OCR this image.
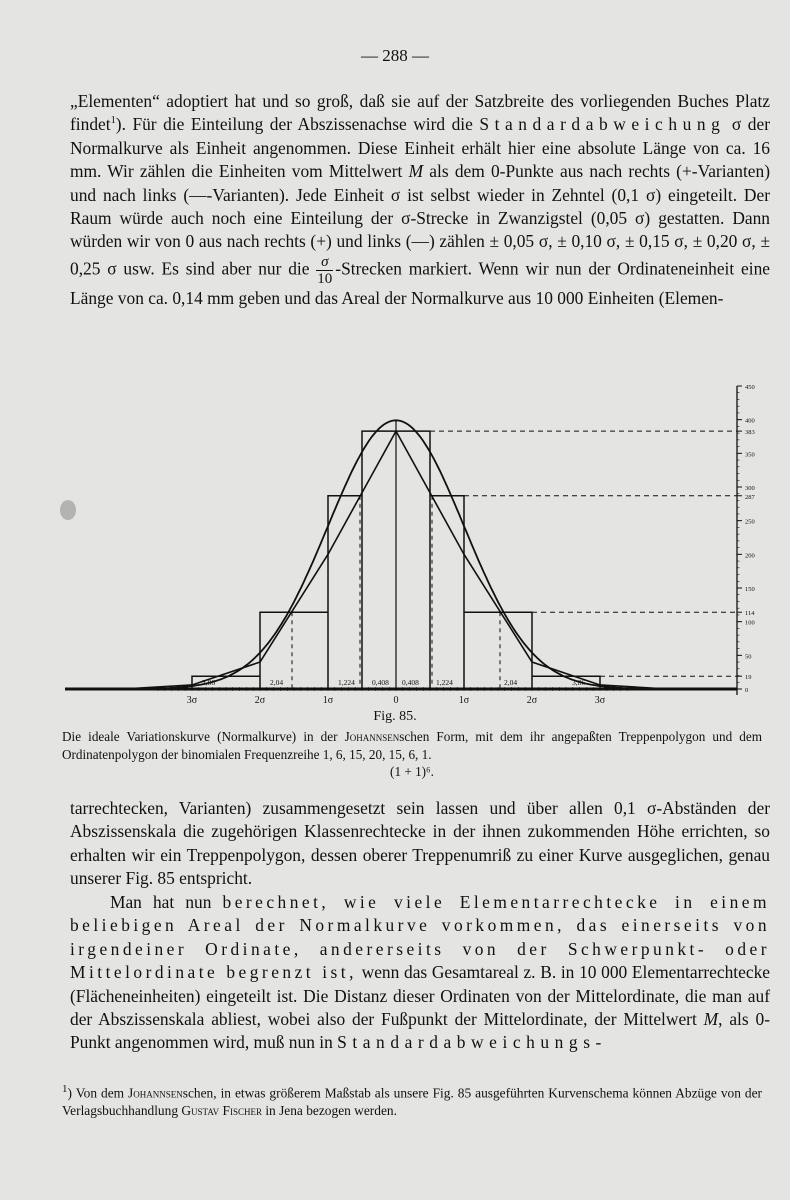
— 288 —

„Elementen“ adoptiert hat und so groß, daß sie auf der Satzbreite des vorliegenden Buches Platz findet$^1$). Für die Einteilung der Abszissenachse wird die Standardabweichung σ der Normalkurve als Einheit angenommen. Diese Einheit erhält hier eine absolute Länge von ca. 16 mm. Wir zählen die Einheiten vom Mittelwert M als dem 0-Punkte aus nach rechts (+-Varianten) und nach links (—-Varianten). Jede Einheit σ ist selbst wieder in Zehntel (0,1 σ) eingeteilt. Der Raum würde auch noch eine Einteilung der σ-Strecke in Zwanzigstel (0,05 σ) gestatten. Dann würden wir von 0 aus nach rechts (+) und links (—) zählen ± 0,05 σ, ± 0,10 σ, ± 0,15 σ, ± 0,20 σ, ± 0,25 σ usw. Es sind aber nur die $\frac{\sigma}{10}$ -Strecken markiert. Wenn wir nun der Ordinateneinheit eine Länge von ca. 0,14 mm geben und das Areal der Normalkurve aus 10 000 Einheiten (Elemen-

450
400
383
350
300
287
250
200
150
114
100
50
19
0
3,86	2,04	1,224 0,408 0,408 1,224	2,04	3,86
3σ	2σ	1σ	0	1σ	2σ	3σ
Fig. 85.
Die ideale Variationskurve (Normalkurve) in der Johannsenschen Form, mit dem ihr angepaßten Treppenpolygon und dem Ordinatenpolygon der binomialen Frequenzreihe 1, 6, 15, 20, 15, 6, 1.
(1 + 1)⁶.

tarrechtecken, Varianten) zusammengesetzt sein lassen und über allen 0,1 σ-Abständen der Abszissenskala die zugehörigen Klassenrechtecke in der ihnen zukommenden Höhe errichten, so erhalten wir ein Treppenpolygon, dessen oberer Treppenumriß zu einer Kurve ausgeglichen, genau unserer Fig. 85 entspricht.

Man hat nun berechnet, wie viele Elementarrechtecke in einem beliebigen Areal der Normalkurve vorkommen, das einerseits von irgendeiner Ordinate, andererseits von der Schwerpunkt- oder Mittelordinate begrenzt ist, wenn das Gesamtareal z. B. in 10 000 Elementarrechtecke (Flächeneinheiten) eingeteilt ist. Die Distanz dieser Ordinaten von der Mittelordinate, die man auf der Abszissenskala abliest, wobei also der Fußpunkt der Mittelordinate, der Mittelwert M, als 0-Punkt angenommen wird, muß nun in Standardabweichungs-

$^1$) Von dem Johannsenschen, in etwas größerem Maßstab als unsere Fig. 85 ausgeführten Kurvenschema können Abzüge von der Verlagsbuchhandlung Gustav Fischer in Jena bezogen werden.
